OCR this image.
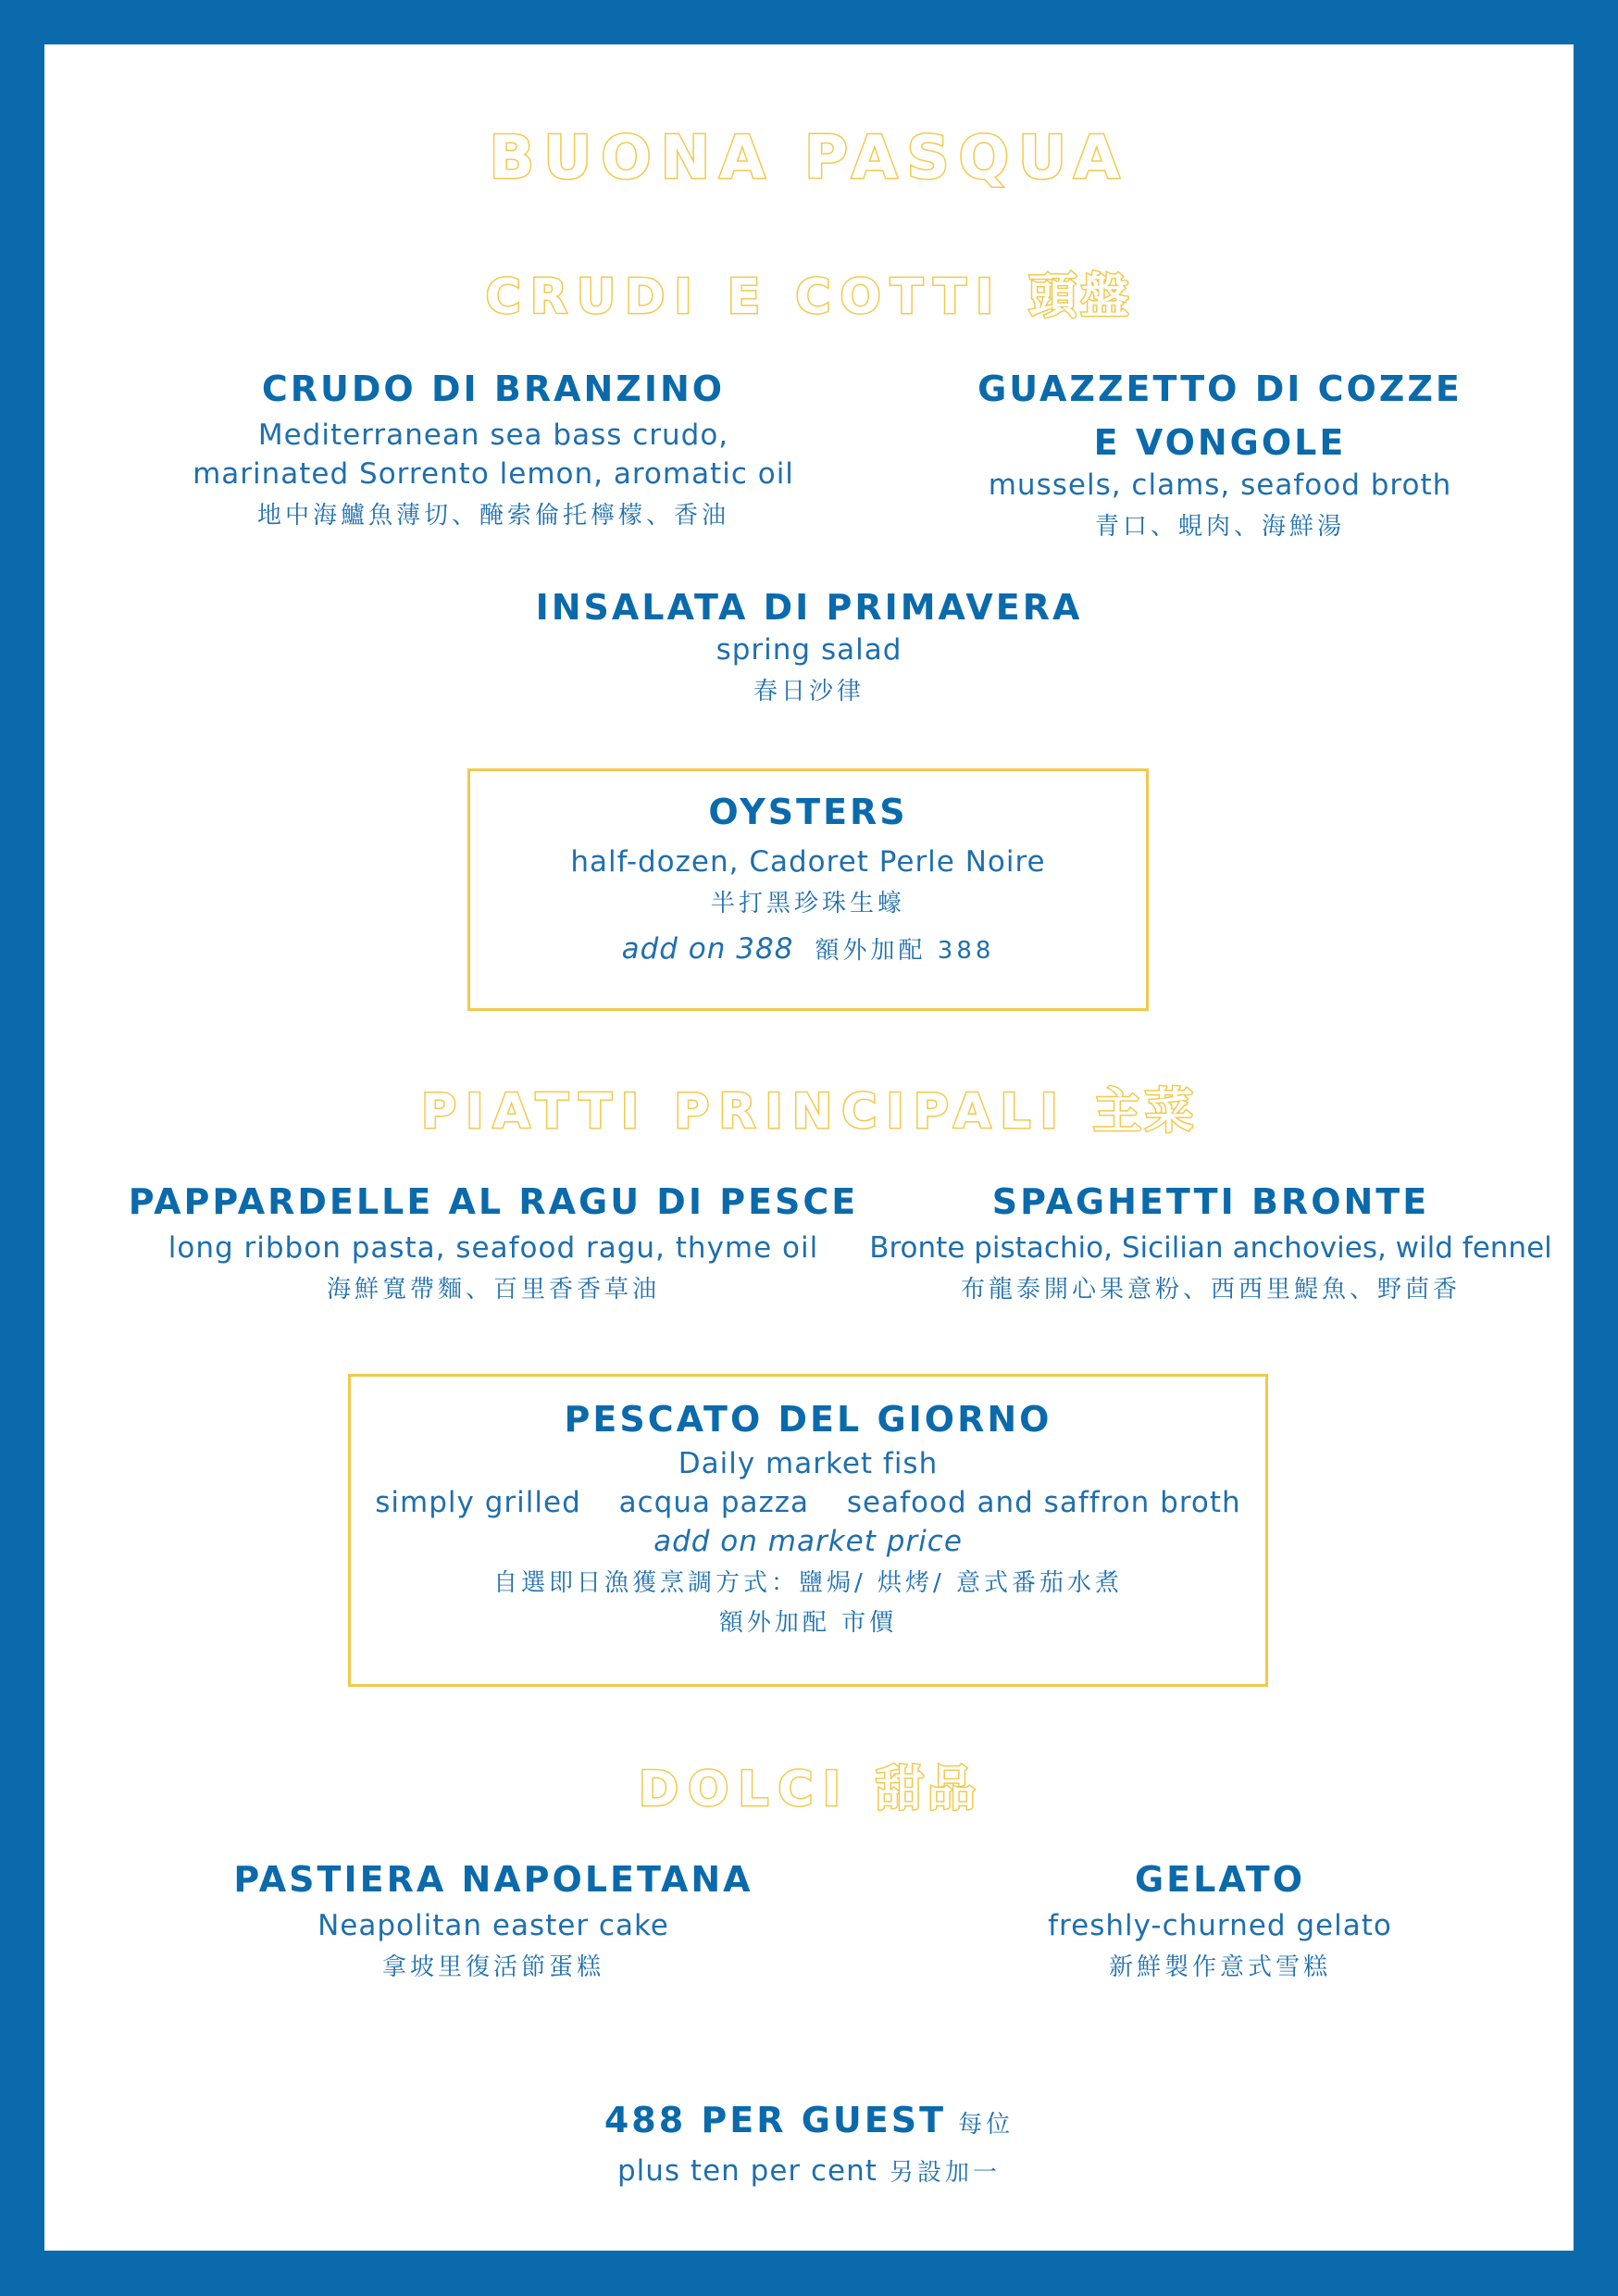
BUONA PASQUA
CRUDI E COTTI 頭盤
CRUDO DI BRANZINO
Mediterranean sea bass crudo,
marinated Sorrento lemon, aromatic oil
地中海鱸魚薄切、醃索倫托檸檬、香油
GUAZZETTO DI COZZE
E VONGOLE
mussels, clams, seafood broth
青口、蜆肉、海鮮湯
INSALATA DI PRIMAVERA
spring salad
春日沙律
OYSTERS
half-dozen, Cadoret Perle Noire
半打黑珍珠生蠔
add on 388 額外加配 388
PIATTI PRINCIPALI 主菜
PAPPARDELLE AL RAGU DI PESCE
long ribbon pasta, seafood ragu, thyme oil
海鮮寬帶麵、百里香香草油
SPAGHETTI BRONTE
Bronte pistachio, Sicilian anchovies, wild fennel
布龍泰開心果意粉、西西里鯷魚、野茴香
PESCATO DEL GIORNO
Daily market fish
simply grilled acqua pazza seafood and saffron broth
add on market price
自選即日漁獲烹調方式：鹽焗/ 烘烤/ 意式番茄水煮
額外加配 市價
DOLCI 甜品
PASTIERA NAPOLETANA
Neapolitan easter cake
拿坡里復活節蛋糕
GELATO
freshly-churned gelato
新鮮製作意式雪糕
488 PER GUEST 每位
plus ten per cent 另設加一
